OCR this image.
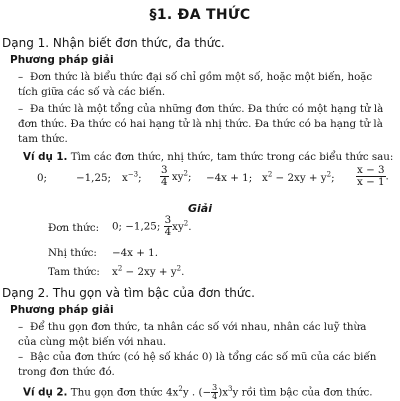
§1. ĐA THỨC
Dạng 1. Nhận biết đơn thức, đa thức.
Phương pháp giải
– Đơn thức là biểu thức đại số chỉ gồm một số, hoặc một biến, hoặc tích giữa các số và các biến.
– Đa thức là một tổng của những đơn thức. Đa thức có một hạng tử là đơn thức. Đa thức có hai hạng tử là nhị thức. Đa thức có ba hạng tử là tam thức.
Ví dụ 1. Tìm các đơn thức, nhị thức, tam thức trong các biểu thức sau:
0;	−1,25; $x^{-3}$; $\frac{3}{4} xy^2$; −4x + 1; $x^2 - 2xy + y^2$; $\frac{x - 3}{x - 1}$ .
Giải
Đơn thức: 0; −1,25; $\frac{3}{4} xy^2$.
Nhị thức: −4x + 1.
Tam thức: $x^2 - 2xy + y^2$.
Dạng 2. Thu gọn và tìm bậc của đơn thức.
Phương pháp giải
– Để thu gọn đơn thức, ta nhân các số với nhau, nhân các luỹ thừa của cùng một biến với nhau.
– Bậc của đơn thức (có hệ số khác 0) là tổng các số mũ của các biến trong đơn thức đó.
Ví dụ 2. Thu gọn đơn thức $4x^2y$ . (− $\frac{3}{4} )x^3y$ rồi tìm bậc của đơn thức.
